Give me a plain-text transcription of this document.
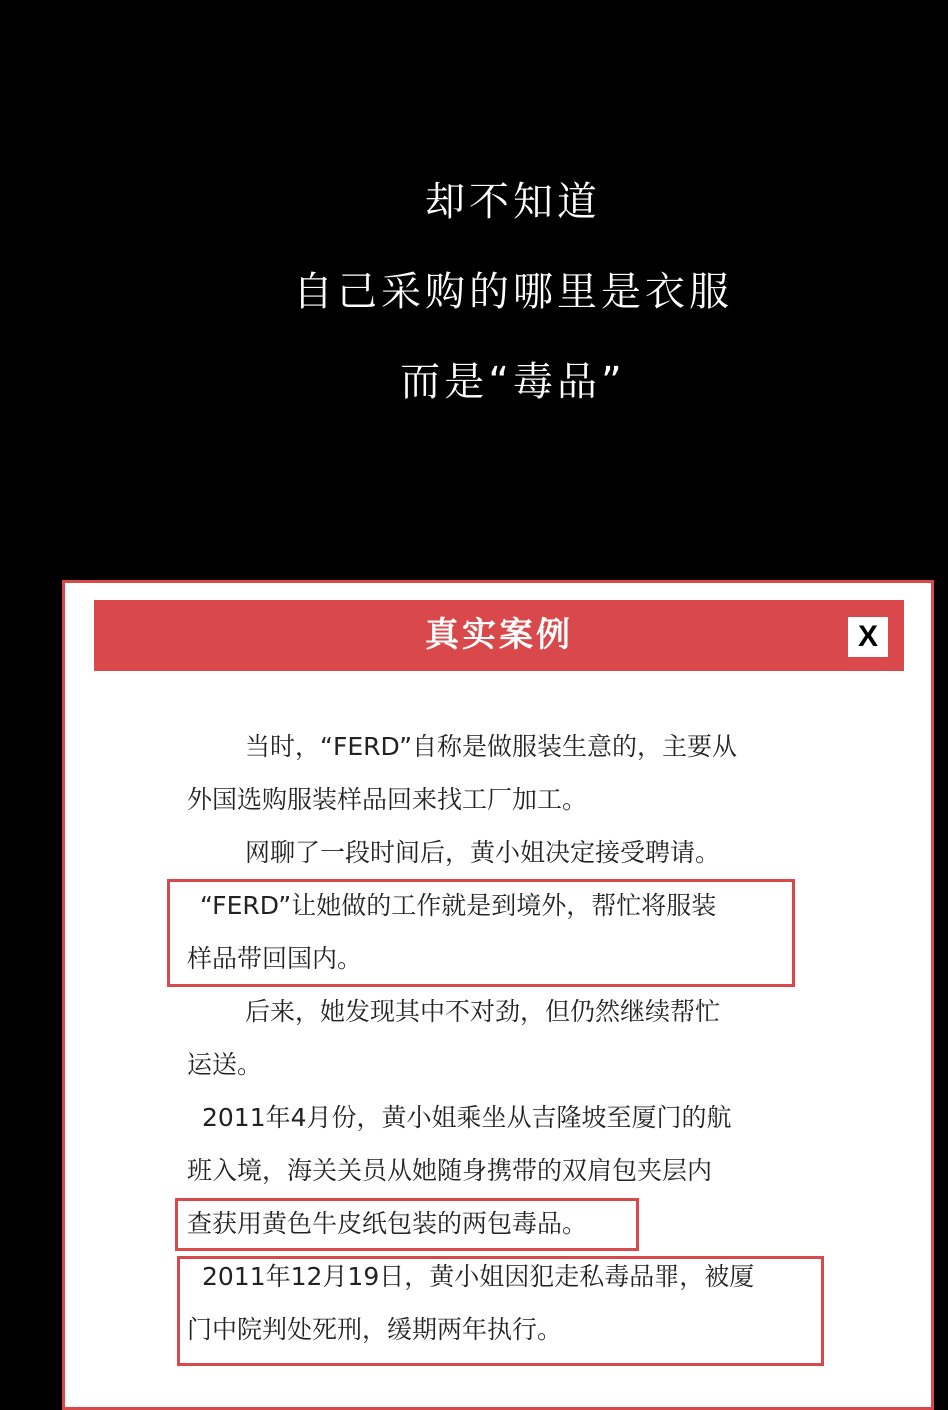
却不知道
自己采购的哪里是衣服
而是“毒品”
真实案例	X
当时，“FERD”自称是做服装生意的，主要从
外国选购服装样品回来找工厂加工。
网聊了一段时间后，黄小姐决定接受聘请。
“FERD”让她做的工作就是到境外，帮忙将服装
样品带回国内。
后来，她发现其中不对劲，但仍然继续帮忙
运送。
2011年4月份，黄小姐乘坐从吉隆坡至厦门的航
班入境，海关关员从她随身携带的双肩包夹层内
查获用黄色牛皮纸包装的两包毒品。
2011年12月19日，黄小姐因犯走私毒品罪，被厦
门中院判处死刑，缓期两年执行。
